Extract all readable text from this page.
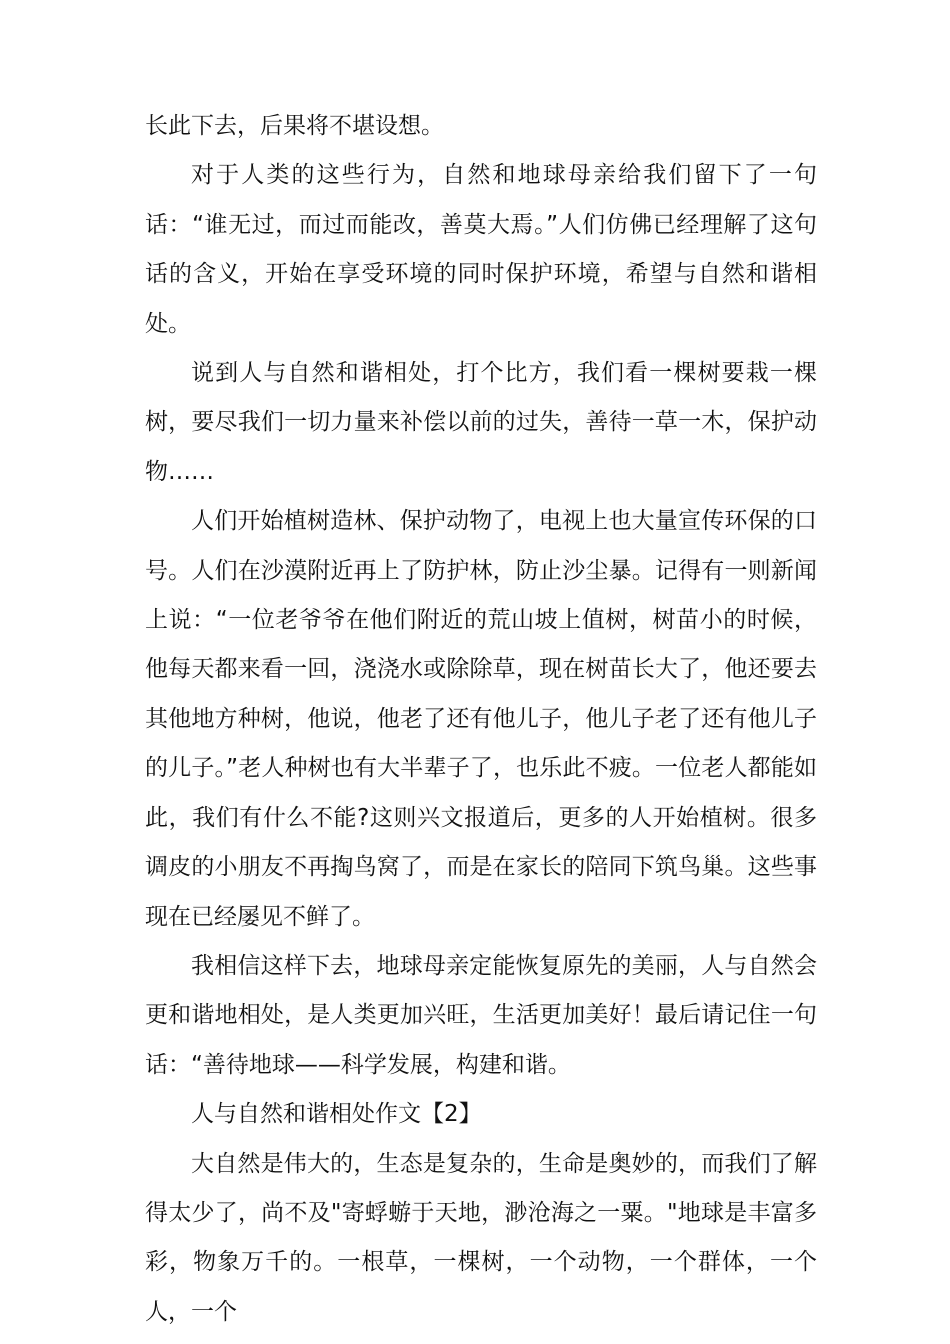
长此下去，后果将不堪设想。

对于人类的这些行为，自然和地球母亲给我们留下了一句话：“谁无过，而过而能改，善莫大焉。”人们仿佛已经理解了这句话的含义，开始在享受环境的同时保护环境，希望与自然和谐相处。

说到人与自然和谐相处，打个比方，我们看一棵树要栽一棵树，要尽我们一切力量来补偿以前的过失，善待一草一木，保护动物……

人们开始植树造林、保护动物了，电视上也大量宣传环保的口号。人们在沙漠附近再上了防护林，防止沙尘暴。记得有一则新闻上说：“一位老爷爷在他们附近的荒山坡上值树，树苗小的时候，他每天都来看一回，浇浇水或除除草，现在树苗长大了，他还要去其他地方种树，他说，他老了还有他儿子，他儿子老了还有他儿子的儿子。”老人种树也有大半辈子了，也乐此不疲。一位老人都能如此，我们有什么不能?这则兴文报道后，更多的人开始植树。很多调皮的小朋友不再掏鸟窝了，而是在家长的陪同下筑鸟巢。这些事现在已经屡见不鲜了。

我相信这样下去，地球母亲定能恢复原先的美丽，人与自然会更和谐地相处，是人类更加兴旺，生活更加美好！最后请记住一句话：“善待地球——科学发展，构建和谐。

人与自然和谐相处作文【2】

大自然是伟大的，生态是复杂的，生命是奥妙的，而我们了解得太少了，尚不及"寄蜉蝣于天地，渺沧海之一粟。"地球是丰富多彩，物象万千的。一根草，一棵树，一个动物，一个群体，一个人，一个
